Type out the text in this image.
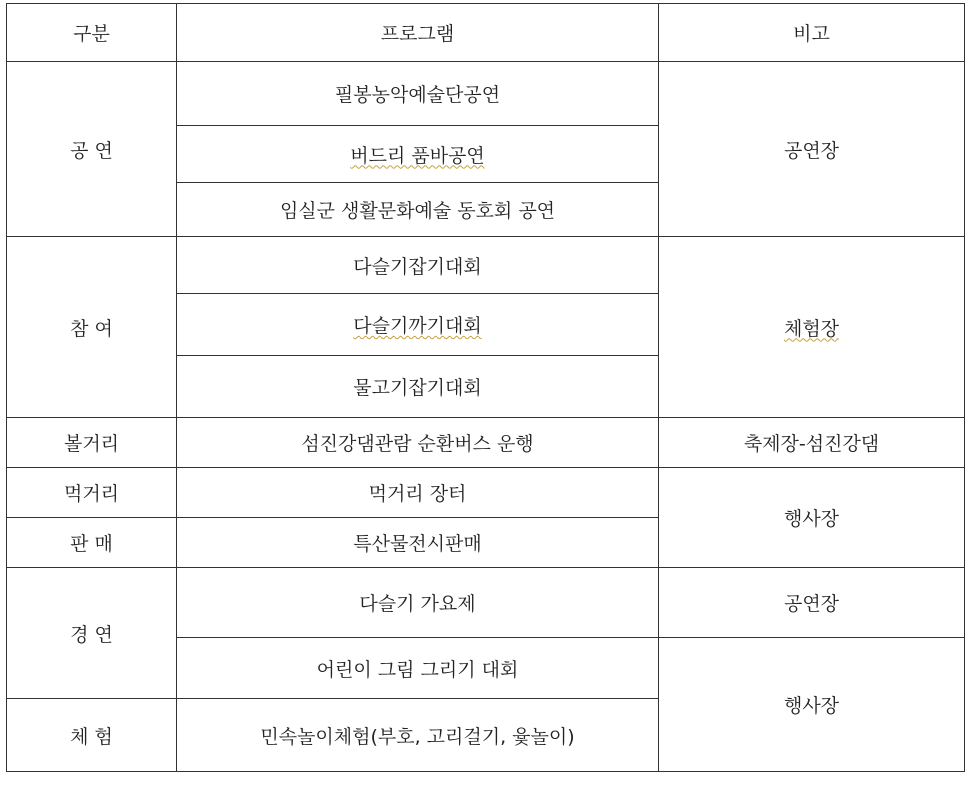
구분	프로그램	비고
공 연	필봉농악예술단공연	공연장
	버드리 품바공연	
	임실군 생활문화예술 동호회 공연	
참 여	다슬기잡기대회	체험장
	다슬기까기대회	
	물고기잡기대회	
볼거리	섬진강댐관람 순환버스 운행	축제장-섬진강댐
먹거리	먹거리 장터	행사장
판 매	특산물전시판매	
경 연	다슬기 가요제	공연장
	어린이 그림 그리기 대회	행사장
체 험	민속놀이체험(부호, 고리걸기, 윷놀이)	
